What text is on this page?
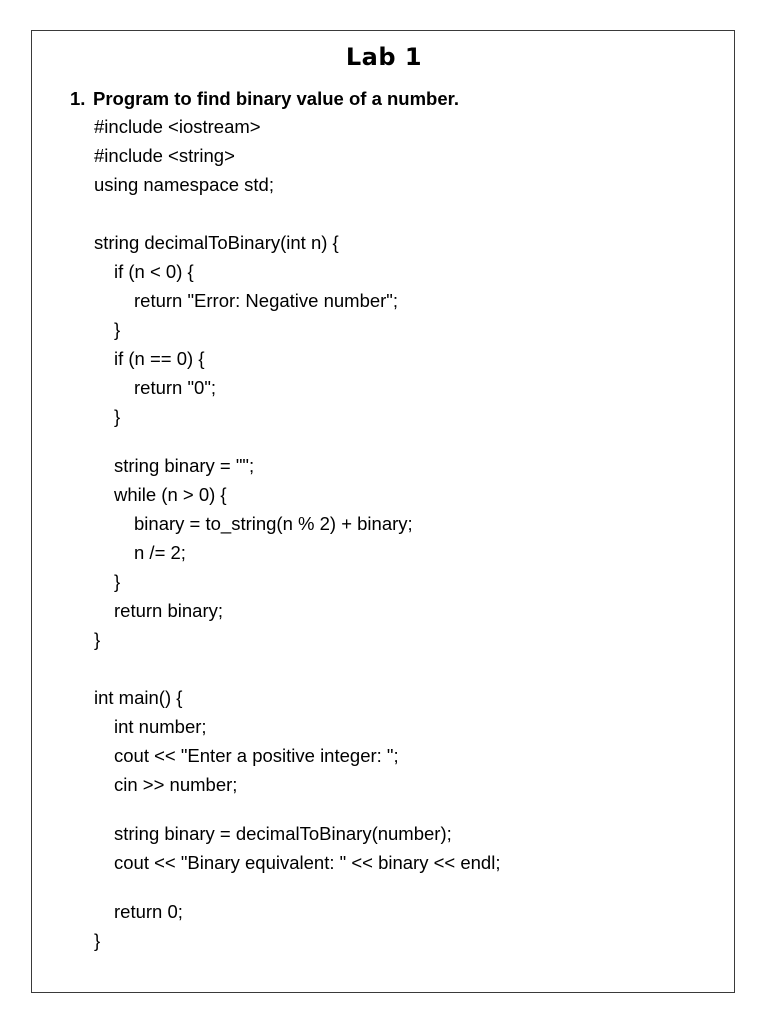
Lab 1
1. Program to find binary value of a number.
#include <iostream>
#include <string>
using namespace std;
string decimalToBinary(int n) {
if (n < 0) {
return "Error: Negative number";
}
if (n == 0) {
return "0";
}
string binary = "";
while (n > 0) {
binary = to_string(n % 2) + binary;
n /= 2;
}
return binary;
}
int main() {
int number;
cout << "Enter a positive integer: ";
cin >> number;
string binary = decimalToBinary(number);
cout << "Binary equivalent: " << binary << endl;
return 0;
}
